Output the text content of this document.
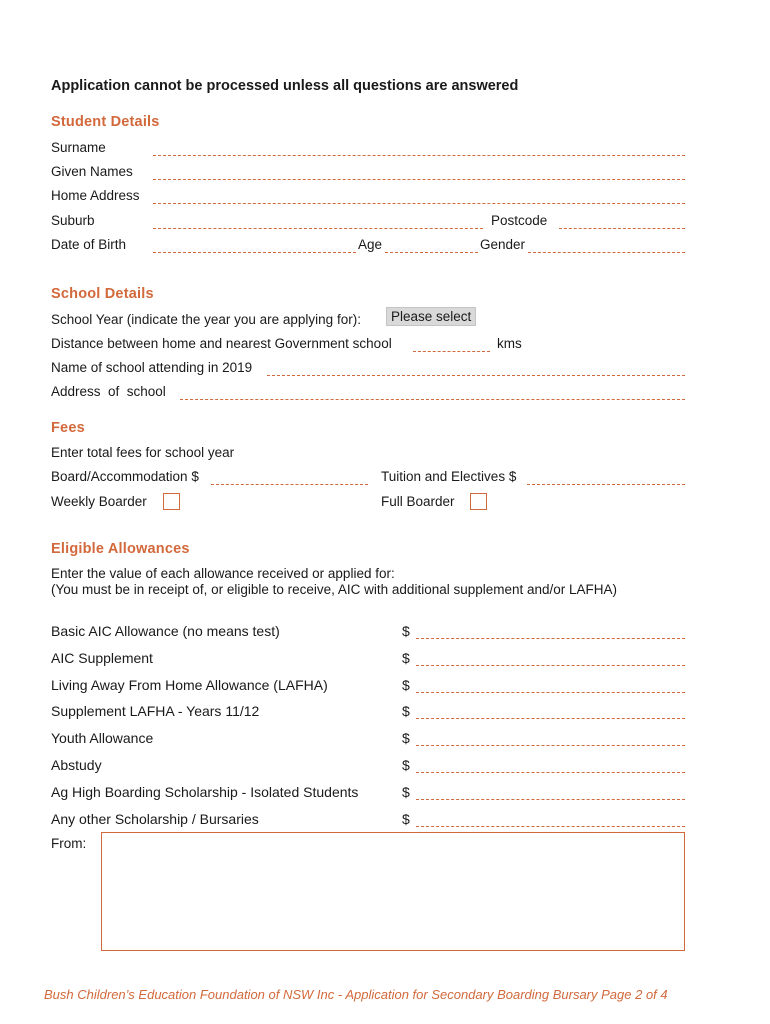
Application cannot be processed unless all questions are answered
Student Details
Surname
Given Names
Home Address
Suburb	Postcode
Date of Birth	Age	Gender
School Details
School Year (indicate the year you are applying for):	Please select
Distance between home and nearest Government school	kms
Name of school attending in 2019
Address  of  school
Fees
Enter total fees for school year
Board/Accommodation $	Tuition and Electives $
Weekly Boarder	Full Boarder
Eligible Allowances
Enter the value of each allowance received or applied for:
(You must be in receipt of, or eligible to receive, AIC with additional supplement and/or LAFHA)
Basic AIC Allowance (no means test)	$
AIC Supplement	$
Living Away From Home Allowance (LAFHA)	$
Supplement LAFHA - Years 11/12	$
Youth Allowance	$
Abstudy	$
Ag High Boarding Scholarship - Isolated Students	$
Any other Scholarship / Bursaries	$
From:
Bush Children’s Education Foundation of NSW Inc - Application for Secondary Boarding Bursary Page 2 of 4
